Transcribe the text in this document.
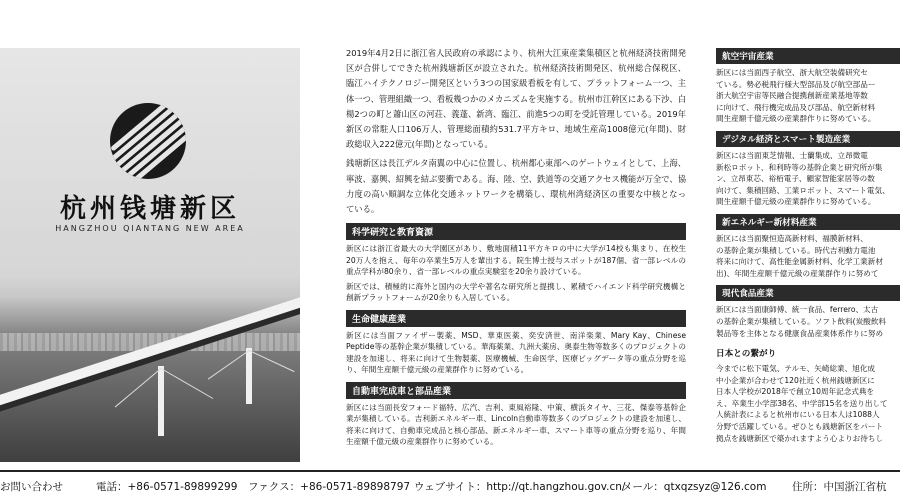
杭州钱塘新区
HANGZHOU QIANTANG NEW AREA

2019年4月2日に浙江省人民政府の承認により、杭州大江東産業集積区と杭州経済技術開発区が合併してできた杭州銭塘新区が設立された。杭州経済技術開発区、杭州総合保税区、臨江ハイテクノロジー開発区という3つの国家級看板を有して、プラットフォーム一つ、主体一つ、管理組織一つ、看板幾つかのメカニズムを実施する。杭州市江幹区にある下沙、白楊2つの町と蕭山区の河荘、義蓬、新湾、臨江、前進5つの町を受託管理している。2019年新区の常駐人口106万人、管理総面積約531.7平方キロ、地域生産高1008億元(年間)、財政総収入222億元(年間)となっている。

銭塘新区は長江デルタ南翼の中心に位置し、杭州都心東部へのゲートウェイとして、上海、寧波、嘉興、紹興を結ぶ要衝である。海、陸、空、鉄道等の交通アクセス機能が万全で、協力度の高い順調な立体化交通ネットワークを構築し、環杭州湾経済区の重要な中核となっている。

科学研究と教育資源

新区には浙江省最大の大学園区があり、敷地面積11平方キロの中に大学が14校も集まり、在校生20万人を抱え、毎年の卒業生5万人を輩出する。院生博士授与スポットが187個、省一部レベルの重点学科が80余り、省一部レベルの重点実験室を20余り設けている。

新区では、積極的に海外と国内の大学や著名な研究所と提携し、累積でハイエンド科学研究機構と創新プラットフォームが20余りも入居している。

生命健康産業

新区には当面ファイザー製薬、MSD、華東医薬、奕安済世、南洋楽業、Mary Kay、Chinese Peptide等の基幹企業が集積している。華海薬業、九洲大薬房、奥泰生物等数多くのプロジェクトの建設を加速し、将来に向けて生物製薬、医療機械、生命医学、医療ビッグデータ等の重点分野を巡り、年間生産額千億元級の産業群作りに努めている。

自動車完成車と部品産業

新区には当面長安フォード福特、広汽、吉利、東風裕隆、中策、横浜タイヤ、三花、傑泰等基幹企業が集積している。吉利新エネルギー車、Lincoln自動車等数多くのプロジェクトの建設を加速し、将来に向けて、自動車完成品と核心部品、新エネルギー車、スマート車等の重点分野を巡り、年間生産額千億元級の産業群作りに努めている。

航空宇宙産業
新区には当面西子航空、浙大航空装備研究セ
ている。勢必税飛行様大型部品及び航空部品ー
浙大航空宇宙等民融合提携創新産業基地等数
に向けて、飛行機完成品及び部品、航空新材料
間生産額千億元級の産業群作りに努めている。
デジタル経済とスマート製造産業
新区には当面東芝情報、士蘭集成、立昂微電
新松ロボット、和利時等の基幹企業と研究所が集
ン、立昂東芯、裕栢電子、顧家智能家居等の数
向けて、集積回路、工業ロボット、スマート電気、
間生産額千億元級の産業群作りに努めている。
新エネルギー新材料産業
新区には当面聚恒造高新材料、福膜新材料、
の基幹企業が集積している。時代吉利動力電池
将来に向けて、高性能金属新材料、化学工業新材
出)、年間生産額千億元級の産業群作りに努めて
現代食品産業
新区には当面康師傅、統一食品、ferrero、太古
の基幹企業が集積している。ソフト飲料(炭酸飲料
製品等を主体となる健康食品産業体系作りに努め
日本との繋がり
今までに松下電気、テルモ、矢崎総業、旭化成
中小企業が合わせて120社近く杭州銭塘新区に
日本人学校が2018年で創立10周年記念式典を
え、卒業生小学部38名、中学部15名を送り出して
人統計表によると杭州市にいる日本人は1088人
分野で活躍している。ぜひとも銭塘新区をパート
拠点を銭塘新区で築かれますよう心よりお待ちし
お問い合わせ	電話：+86-0571-89899299 ファクス：+86-0571-89898797 ウェブサイト：http://qt.hangzhou.gov.cn/
メール：qtxqzsyz@126.com 住所：中国浙江省杭
